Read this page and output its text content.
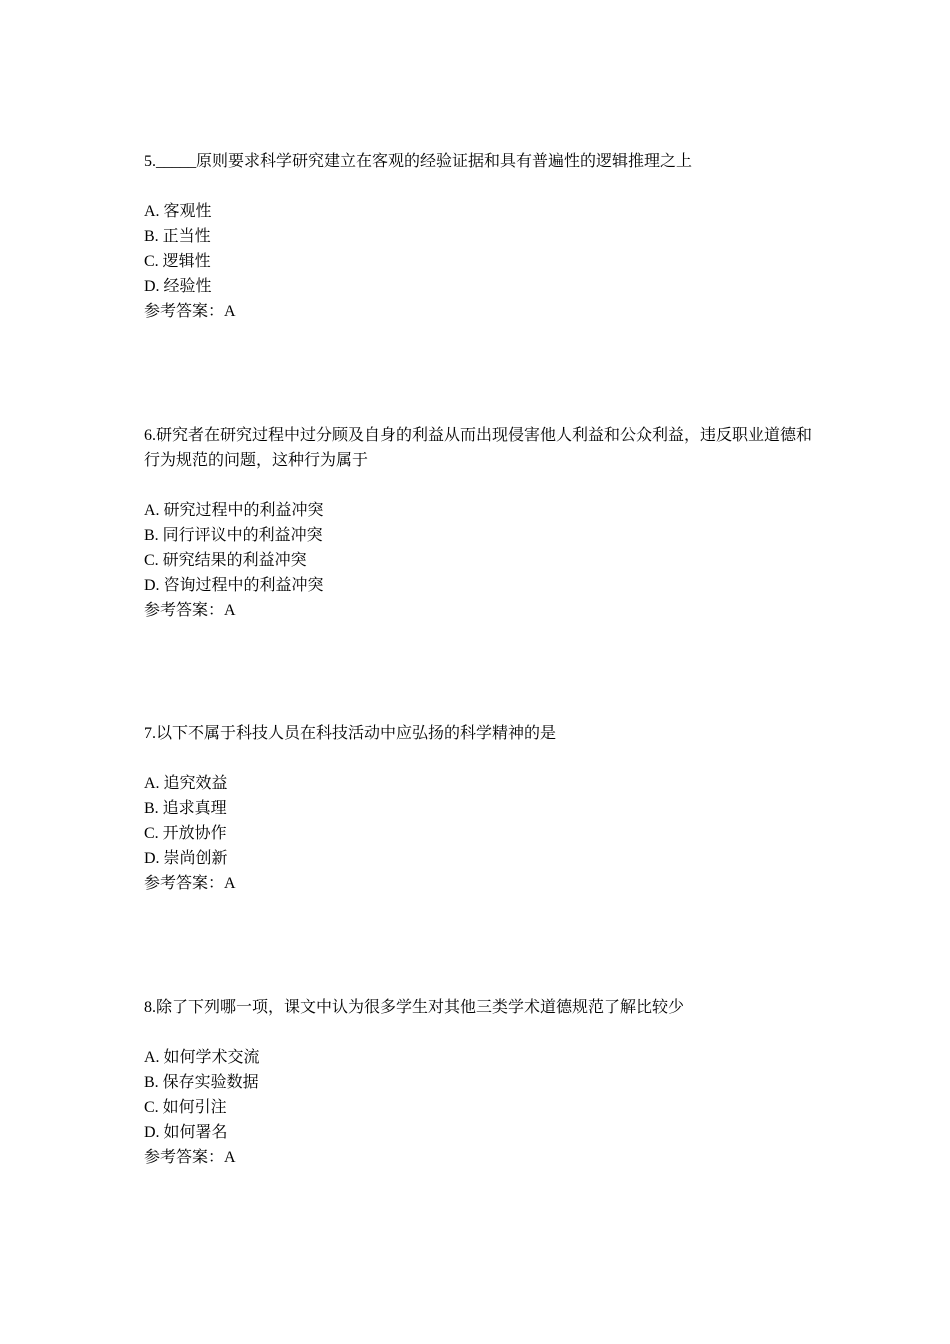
5._____原则要求科学研究建立在客观的经验证据和具有普遍性的逻辑推理之上
A. 客观性
B. 正当性
C. 逻辑性
D. 经验性
参考答案：A
6.研究者在研究过程中过分顾及自身的利益从而出现侵害他人利益和公众利益，违反职业道德和行为规范的问题，这种行为属于
A. 研究过程中的利益冲突
B. 同行评议中的利益冲突
C. 研究结果的利益冲突
D. 咨询过程中的利益冲突
参考答案：A
7.以下不属于科技人员在科技活动中应弘扬的科学精神的是
A. 追究效益
B. 追求真理
C. 开放协作
D. 崇尚创新
参考答案：A
8.除了下列哪一项，课文中认为很多学生对其他三类学术道德规范了解比较少
A. 如何学术交流
B. 保存实验数据
C. 如何引注
D. 如何署名
参考答案：A
